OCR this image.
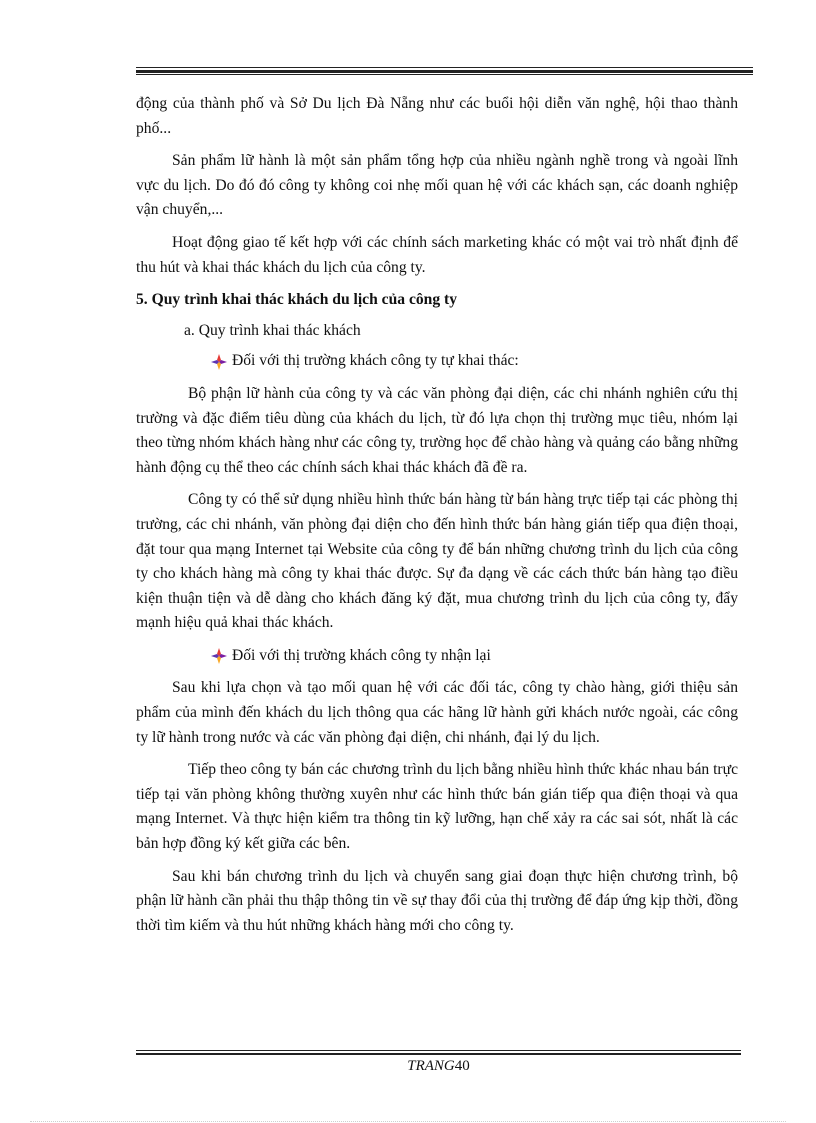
động của thành phố và Sở Du lịch Đà Nẵng như các buổi hội diễn văn nghệ, hội thao thành phố...

Sản phẩm lữ hành là một sản phẩm tổng hợp của nhiều ngành nghề trong và ngoài lĩnh vực du lịch. Do đó đó công ty không coi nhẹ mối quan hệ với các khách sạn, các doanh nghiệp vận chuyển,...

Hoạt động giao tế kết hợp với các chính sách marketing khác có một vai trò nhất định để thu hút và khai thác khách du lịch của công ty.

5. Quy trình khai thác khách du lịch của công ty

a. Quy trình khai thác khách

Đối với thị trường khách công ty tự khai thác:

Bộ phận lữ hành của công ty và các văn phòng đại diện, các chi nhánh nghiên cứu thị trường và đặc điểm tiêu dùng của khách du lịch, từ đó lựa chọn thị trường mục tiêu, nhóm lại theo từng nhóm khách hàng như các công ty, trường học để chào hàng và quảng cáo bằng những hành động cụ thể theo các chính sách khai thác khách đã đề ra.

Công ty có thể sử dụng nhiều hình thức bán hàng từ bán hàng trực tiếp tại các phòng thị trường, các chi nhánh, văn phòng đại diện cho đến hình thức bán hàng gián tiếp qua điện thoại, đặt tour qua mạng Internet tại Website của công ty để bán những chương trình du lịch của công ty cho khách hàng mà công ty khai thác được. Sự đa dạng về các cách thức bán hàng tạo điều kiện thuận tiện và dễ dàng cho khách đăng ký đặt, mua chương trình du lịch của công ty, đẩy mạnh hiệu quả khai thác khách.

Đối với thị trường khách công ty nhận lại

Sau khi lựa chọn và tạo mối quan hệ với các đối tác, công ty chào hàng, giới thiệu sản phẩm của mình đến khách du lịch thông qua các hãng lữ hành gửi khách nước ngoài, các công ty lữ hành trong nước và các văn phòng đại diện, chi nhánh, đại lý du lịch.

Tiếp theo công ty bán các chương trình du lịch bằng nhiều hình thức khác nhau bán trực tiếp tại văn phòng không thường xuyên như các hình thức bán gián tiếp qua điện thoại và qua mạng Internet. Và thực hiện kiểm tra thông tin kỹ lưỡng, hạn chế xảy ra các sai sót, nhất là các bản hợp đồng ký kết giữa các bên.

Sau khi bán chương trình du lịch và chuyển sang giai đoạn thực hiện chương trình, bộ phận lữ hành cần phải thu thập thông tin về sự thay đổi của thị trường để đáp ứng kịp thời, đồng thời tìm kiếm và thu hút những khách hàng mới cho công ty.

TRANG40
